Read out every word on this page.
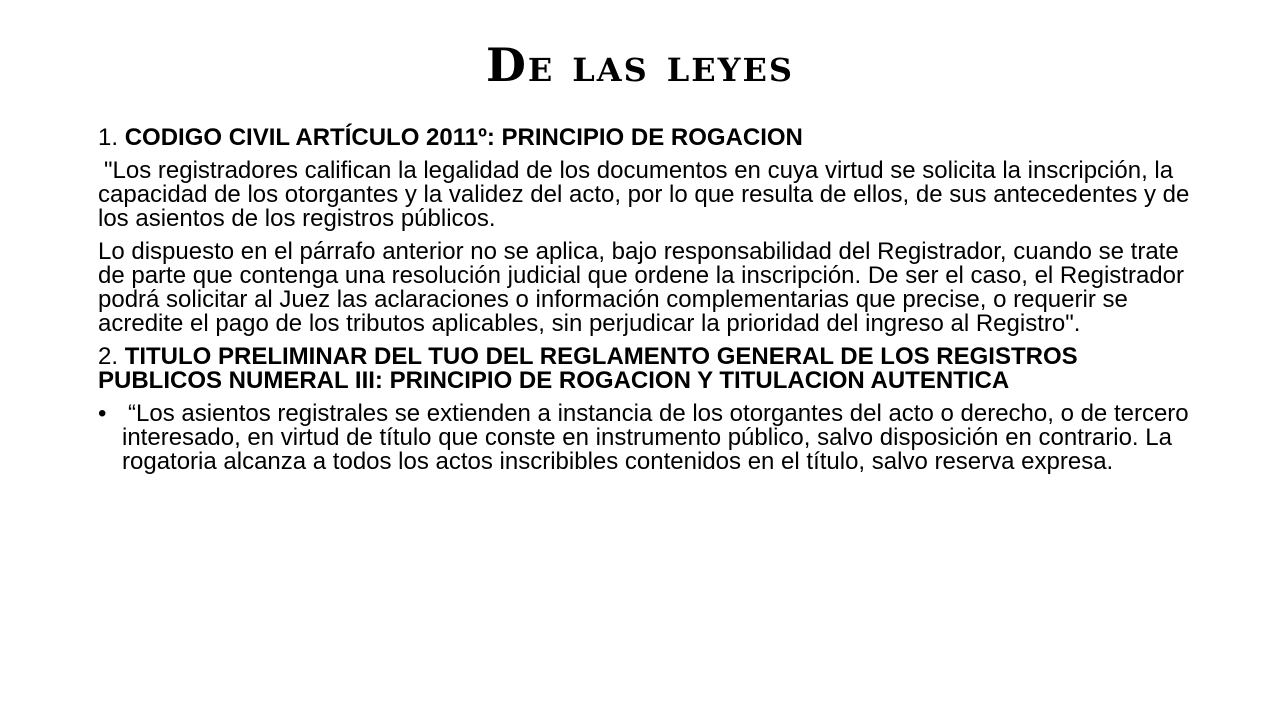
De las leyes

1. CODIGO CIVIL ARTÍCULO 2011º: PRINCIPIO DE ROGACION

"Los registradores califican la legalidad de los documentos en cuya virtud se solicita la inscripción, la capacidad de los otorgantes y la validez del acto, por lo que resulta de ellos, de sus antecedentes y de los asientos de los registros públicos.

Lo dispuesto en el párrafo anterior no se aplica, bajo responsabilidad del Registrador, cuando se trate de parte que contenga una resolución judicial que ordene la inscripción. De ser el caso, el Registrador podrá solicitar al Juez las aclaraciones o información complementarias que precise, o requerir se acredite el pago de los tributos aplicables, sin perjudicar la prioridad del ingreso al Registro".

2. TITULO PRELIMINAR DEL TUO DEL REGLAMENTO GENERAL DE LOS REGISTROS PUBLICOS NUMERAL III: PRINCIPIO DE ROGACION Y TITULACION AUTENTICA

• “Los asientos registrales se extienden a instancia de los otorgantes del acto o derecho, o de tercero interesado, en virtud de título que conste en instrumento público, salvo disposición en contrario. La rogatoria alcanza a todos los actos inscribibles contenidos en el título, salvo reserva expresa.
